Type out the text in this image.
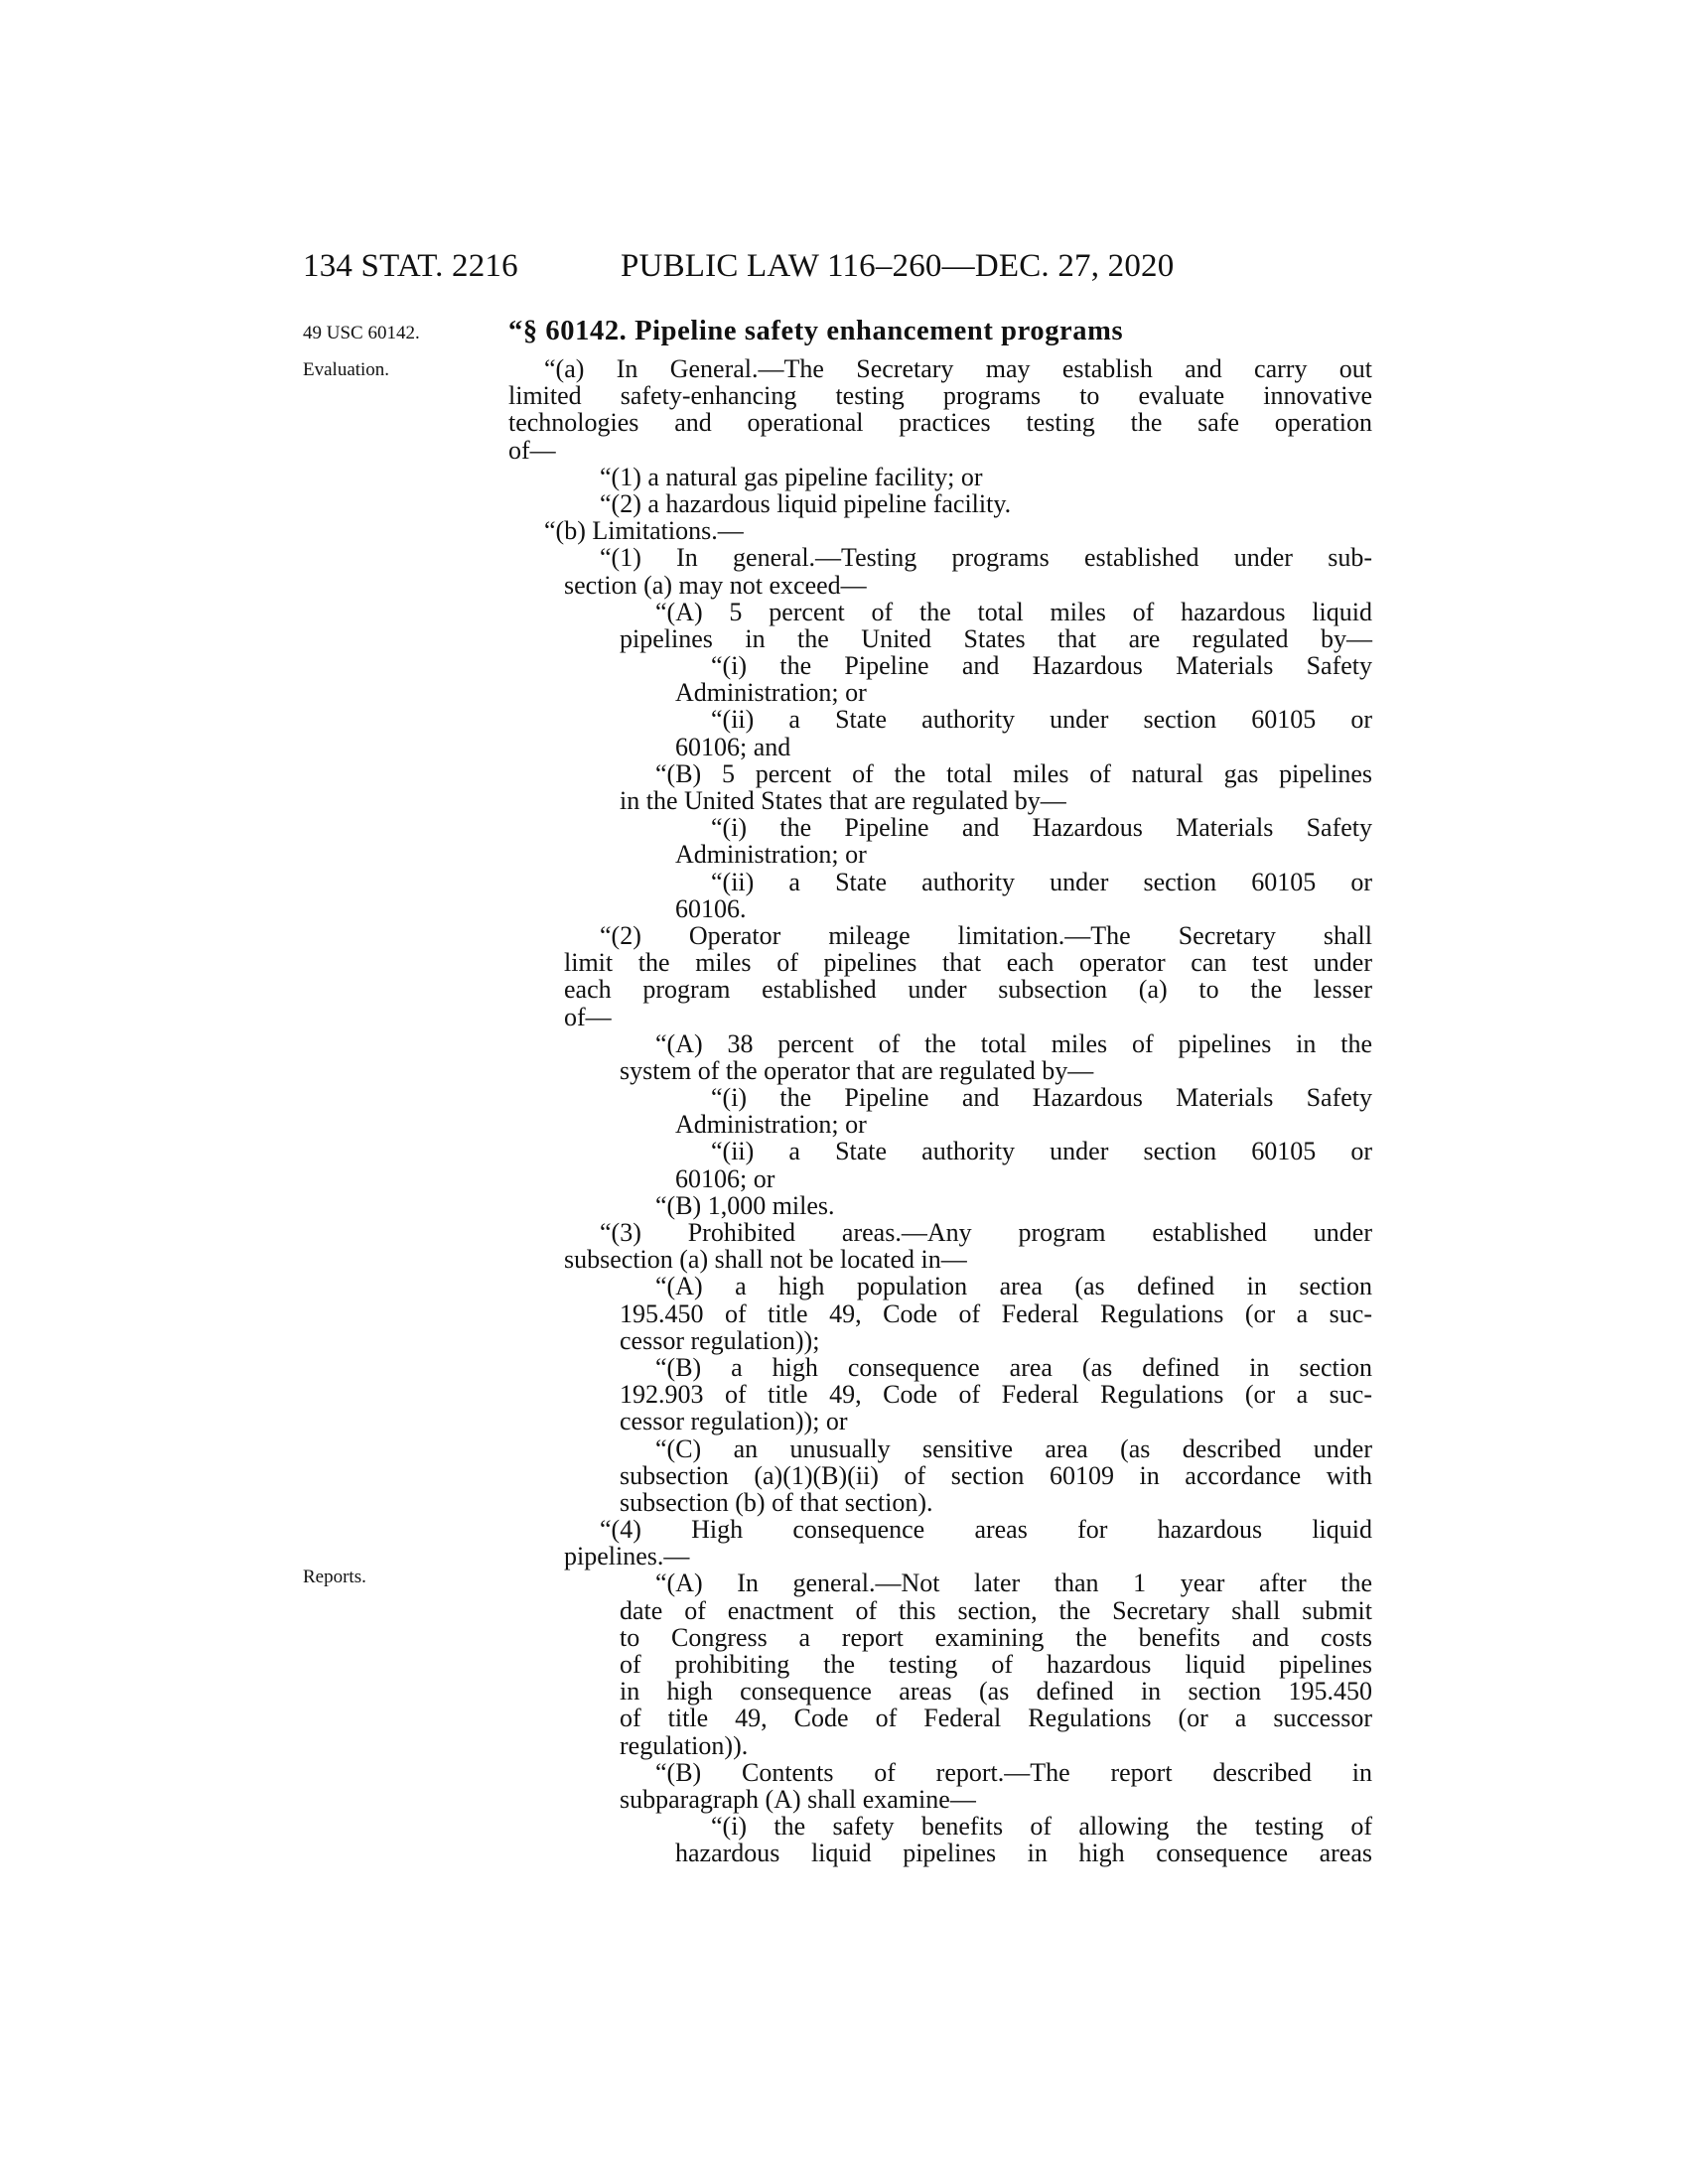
134 STAT. 2216	PUBLIC LAW 116–260—DEC. 27, 2020
49 USC 60142.
Evaluation.
Reports.
“§ 60142. Pipeline safety enhancement programs
“(a) In General.—The Secretary may establish and carry out
limited safety-enhancing testing programs to evaluate innovative
technologies and operational practices testing the safe operation
of—
“(1) a natural gas pipeline facility; or
“(2) a hazardous liquid pipeline facility.
“(b) Limitations.—
“(1) In general.—Testing programs established under sub-
section (a) may not exceed—
“(A) 5 percent of the total miles of hazardous liquid
pipelines in the United States that are regulated by—
“(i) the Pipeline and Hazardous Materials Safety
Administration; or
“(ii) a State authority under section 60105 or
60106; and
“(B) 5 percent of the total miles of natural gas pipelines
in the United States that are regulated by—
“(i) the Pipeline and Hazardous Materials Safety
Administration; or
“(ii) a State authority under section 60105 or
60106.
“(2) Operator mileage limitation.—The Secretary shall
limit the miles of pipelines that each operator can test under
each program established under subsection (a) to the lesser
of—
“(A) 38 percent of the total miles of pipelines in the
system of the operator that are regulated by—
“(i) the Pipeline and Hazardous Materials Safety
Administration; or
“(ii) a State authority under section 60105 or
60106; or
“(B) 1,000 miles.
“(3) Prohibited areas.—Any program established under
subsection (a) shall not be located in—
“(A) a high population area (as defined in section
195.450 of title 49, Code of Federal Regulations (or a suc-
cessor regulation));
“(B) a high consequence area (as defined in section
192.903 of title 49, Code of Federal Regulations (or a suc-
cessor regulation)); or
“(C) an unusually sensitive area (as described under
subsection (a)(1)(B)(ii) of section 60109 in accordance with
subsection (b) of that section).
“(4) High consequence areas for hazardous liquid
pipelines.—
“(A) In general.—Not later than 1 year after the
date of enactment of this section, the Secretary shall submit
to Congress a report examining the benefits and costs
of prohibiting the testing of hazardous liquid pipelines
in high consequence areas (as defined in section 195.450
of title 49, Code of Federal Regulations (or a successor
regulation)).
“(B) Contents of report.—The report described in
subparagraph (A) shall examine—
“(i) the safety benefits of allowing the testing of
hazardous liquid pipelines in high consequence areas
